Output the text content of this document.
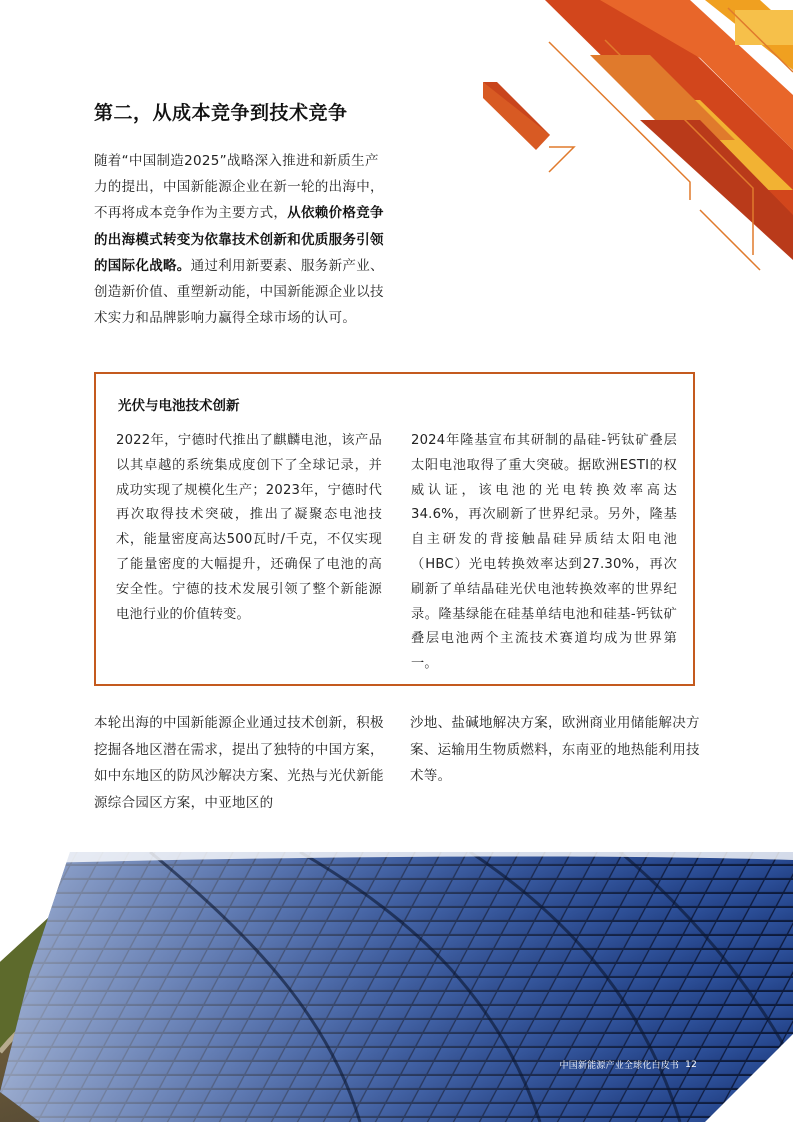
第二，从成本竞争到技术竞争

随着“中国制造2025”战略深入推进和新质生产力的提出，中国新能源企业在新一轮的出海中，不再将成本竞争作为主要方式，从依赖价格竞争的出海模式转变为依靠技术创新和优质服务引领的国际化战略。通过利用新要素、服务新产业、创造新价值、重塑新动能，中国新能源企业以技术实力和品牌影响力赢得全球市场的认可。

光伏与电池技术创新

2022年，宁德时代推出了麒麟电池，该产品以其卓越的系统集成度创下了全球记录，并成功实现了规模化生产；2023年，宁德时代再次取得技术突破，推出了凝聚态电池技术，能量密度高达500瓦时/千克，不仅实现了能量密度的大幅提升，还确保了电池的高安全性。宁德的技术发展引领了整个新能源电池行业的价值转变。

2024年隆基宣布其研制的晶硅-钙钛矿叠层太阳电池取得了重大突破。据欧洲ESTI的权威认证，该电池的光电转换效率高达34.6%，再次刷新了世界纪录。另外，隆基自主研发的背接触晶硅异质结太阳电池（HBC）光电转换效率达到27.30%，再次刷新了单结晶硅光伏电池转换效率的世界纪录。隆基绿能在硅基单结电池和硅基-钙钛矿叠层电池两个主流技术赛道均成为世界第一。

本轮出海的中国新能源企业通过技术创新，积极挖掘各地区潜在需求，提出了独特的中国方案，如中东地区的防风沙解决方案、光热与光伏新能源综合园区方案，中亚地区的

沙地、盐碱地解决方案，欧洲商业用储能解决方案、运输用生物质燃料，东南亚的地热能利用技术等。

中国新能源产业全球化白皮书 12
